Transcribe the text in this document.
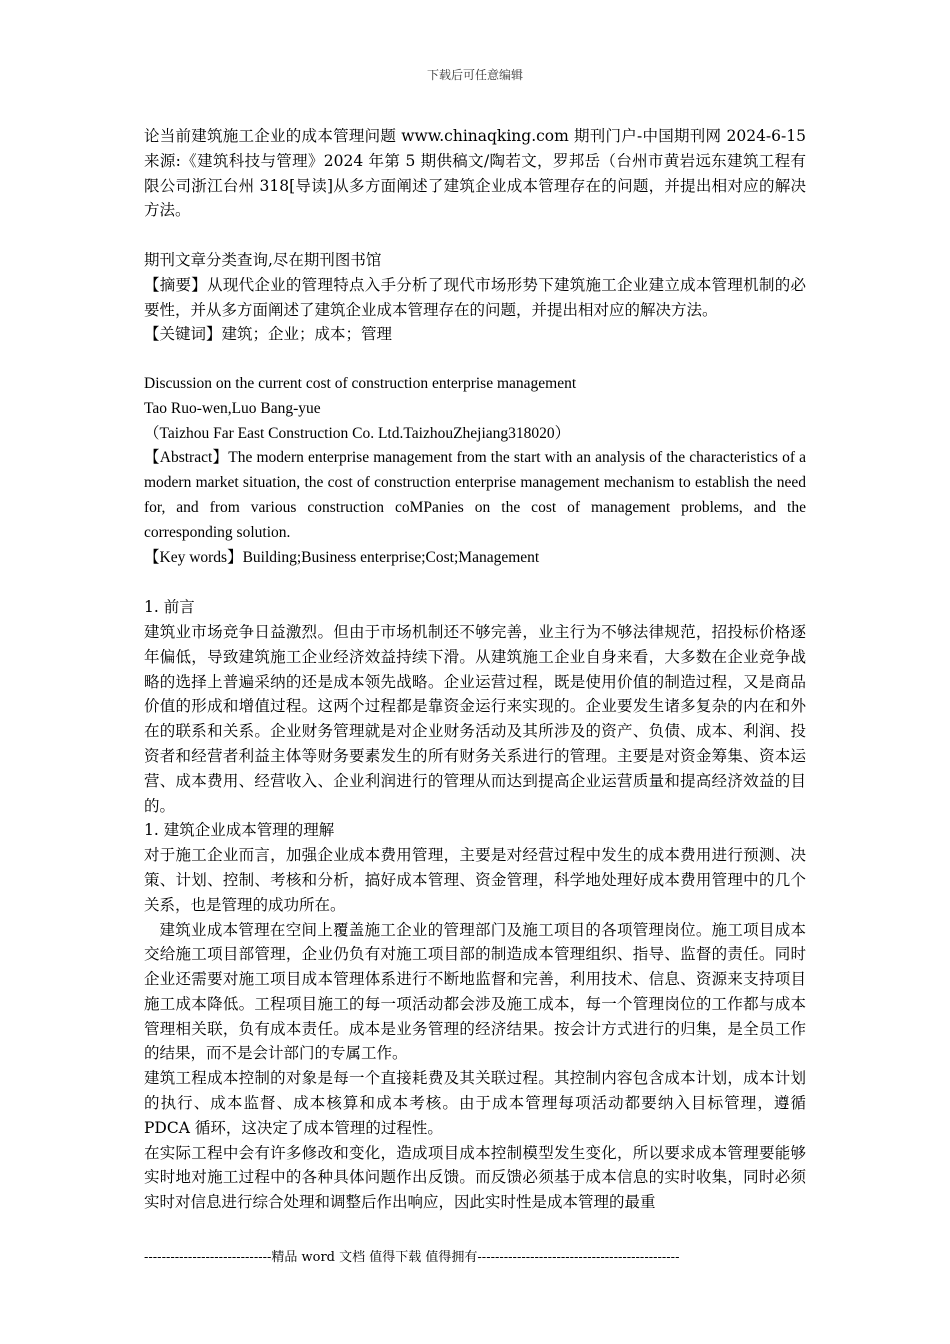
下载后可任意编辑

论当前建筑施工企业的成本管理问题 www.chinaqking.com 期刊门户-中国期刊网 2024-6-15 来源:《建筑科技与管理》2024 年第 5 期供稿文/陶若文，罗邦岳（台州市黄岩远东建筑工程有限公司浙江台州 318[导读]从多方面阐述了建筑企业成本管理存在的问题，并提出相对应的解决方法。

期刊文章分类查询,尽在期刊图书馆

【摘要】从现代企业的管理特点入手分析了现代市场形势下建筑施工企业建立成本管理机制的必要性，并从多方面阐述了建筑企业成本管理存在的问题，并提出相对应的解决方法。

【关键词】建筑；企业；成本；管理

Discussion on the current cost of construction enterprise management

Tao Ruo-wen,Luo Bang-yue

（Taizhou Far East Construction Co. Ltd.TaizhouZhejiang318020）

【Abstract】The modern enterprise management from the start with an analysis of the characteristics of a modern market situation, the cost of construction enterprise management mechanism to establish the need for, and from various construction coMPanies on the cost of management problems, and the corresponding solution.

【Key words】Building;Business enterprise;Cost;Management

1. 前言

建筑业市场竞争日益激烈。但由于市场机制还不够完善，业主行为不够法律规范，招投标价格逐年偏低，导致建筑施工企业经济效益持续下滑。从建筑施工企业自身来看，大多数在企业竞争战略的选择上普遍采纳的还是成本领先战略。企业运营过程，既是使用价值的制造过程，又是商品价值的形成和增值过程。这两个过程都是靠资金运行来实现的。企业要发生诸多复杂的内在和外在的联系和关系。企业财务管理就是对企业财务活动及其所涉及的资产、负债、成本、利润、投资者和经营者利益主体等财务要素发生的所有财务关系进行的管理。主要是对资金筹集、资本运营、成本费用、经营收入、企业利润进行的管理从而达到提高企业运营质量和提高经济效益的目的。

1. 建筑企业成本管理的理解

对于施工企业而言，加强企业成本费用管理，主要是对经营过程中发生的成本费用进行预测、决策、计划、控制、考核和分析，搞好成本管理、资金管理，科学地处理好成本费用管理中的几个关系，也是管理的成功所在。

建筑业成本管理在空间上覆盖施工企业的管理部门及施工项目的各项管理岗位。施工项目成本交给施工项目部管理，企业仍负有对施工项目部的制造成本管理组织、指导、监督的责任。同时企业还需要对施工项目成本管理体系进行不断地监督和完善，利用技术、信息、资源来支持项目施工成本降低。工程项目施工的每一项活动都会涉及施工成本，每一个管理岗位的工作都与成本管理相关联，负有成本责任。成本是业务管理的经济结果。按会计方式进行的归集，是全员工作的结果，而不是会计部门的专属工作。

建筑工程成本控制的对象是每一个直接耗费及其关联过程。其控制内容包含成本计划，成本计划的执行、成本监督、成本核算和成本考核。由于成本管理每项活动都要纳入目标管理，遵循 PDCA 循环，这决定了成本管理的过程性。

在实际工程中会有许多修改和变化，造成项目成本控制模型发生变化，所以要求成本管理要能够实时地对施工过程中的各种具体问题作出反馈。而反馈必须基于成本信息的实时收集，同时必须实时对信息进行综合处理和调整后作出响应，因此实时性是成本管理的最重

-----------------------------精品 word 文档 值得下载 值得拥有----------------------------------------------
